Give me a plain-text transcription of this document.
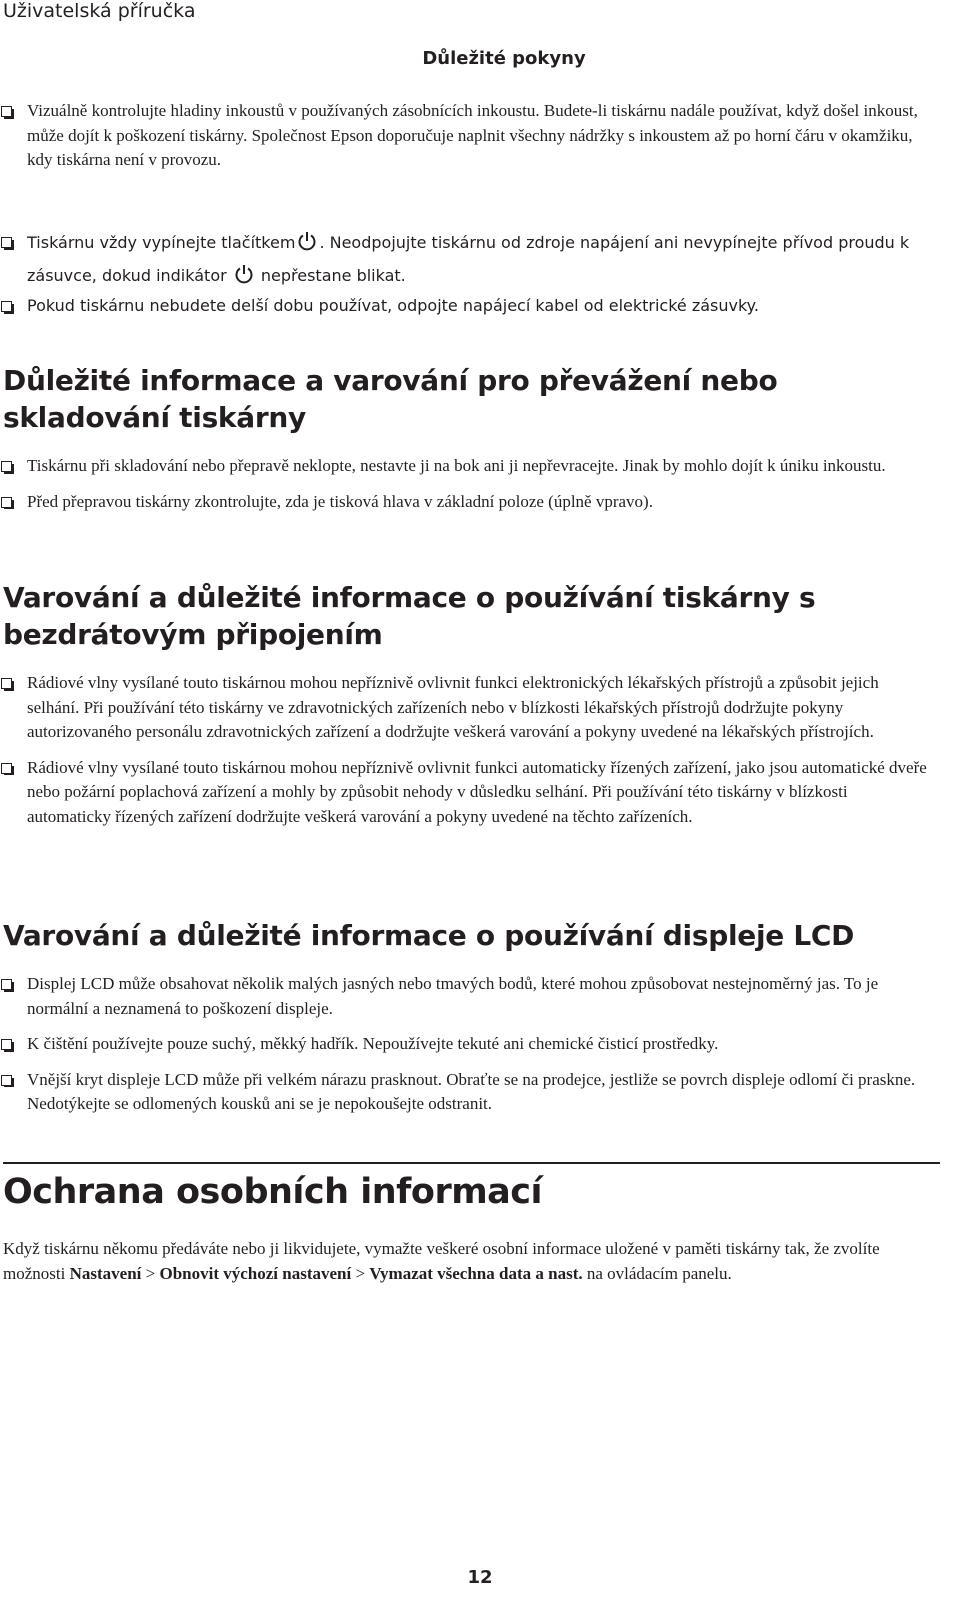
Uživatelská příručka
Důležité pokyny
Vizuálně kontrolujte hladiny inkoustů v používaných zásobnících inkoustu. Budete-li tiskárnu nadále používat, když došel inkoust, může dojít k poškození tiskárny. Společnost Epson doporučuje naplnit všechny nádržky s inkoustem až po horní čáru v okamžiku, kdy tiskárna není v provozu.
Tiskárnu vždy vypínejte tlačítkem . Neodpojujte tiskárnu od zdroje napájení ani nevypínejte přívod proudu k zásuvce, dokud indikátor nepřestane blikat.
Pokud tiskárnu nebudete delší dobu používat, odpojte napájecí kabel od elektrické zásuvky.
Důležité informace a varování pro převážení nebo skladování tiskárny
Tiskárnu při skladování nebo přepravě neklopte, nestavte ji na bok ani ji nepřevracejte. Jinak by mohlo dojít k úniku inkoustu.
Před přepravou tiskárny zkontrolujte, zda je tisková hlava v základní poloze (úplně vpravo).
Varování a důležité informace o používání tiskárny s bezdrátovým připojením
Rádiové vlny vysílané touto tiskárnou mohou nepříznivě ovlivnit funkci elektronických lékařských přístrojů a způsobit jejich selhání. Při používání této tiskárny ve zdravotnických zařízeních nebo v blízkosti lékařských přístrojů dodržujte pokyny autorizovaného personálu zdravotnických zařízení a dodržujte veškerá varování a pokyny uvedené na lékařských přístrojích.
Rádiové vlny vysílané touto tiskárnou mohou nepříznivě ovlivnit funkci automaticky řízených zařízení, jako jsou automatické dveře nebo požární poplachová zařízení a mohly by způsobit nehody v důsledku selhání. Při používání této tiskárny v blízkosti automaticky řízených zařízení dodržujte veškerá varování a pokyny uvedené na těchto zařízeních.
Varování a důležité informace o používání displeje LCD
Displej LCD může obsahovat několik malých jasných nebo tmavých bodů, které mohou způsobovat nestejnoměrný jas. To je normální a neznamená to poškození displeje.
K čištění používejte pouze suchý, měkký hadřík. Nepoužívejte tekuté ani chemické čisticí prostředky.
Vnější kryt displeje LCD může při velkém nárazu prasknout. Obraťte se na prodejce, jestliže se povrch displeje odlomí či praskne. Nedotýkejte se odlomených kousků ani se je nepokoušejte odstranit.
Ochrana osobních informací

Když tiskárnu někomu předáváte nebo ji likvidujete, vymažte veškeré osobní informace uložené v paměti tiskárny tak, že zvolíte možnosti Nastavení > Obnovit výchozí nastavení > Vymazat všechna data a nast. na ovládacím panelu.

12
